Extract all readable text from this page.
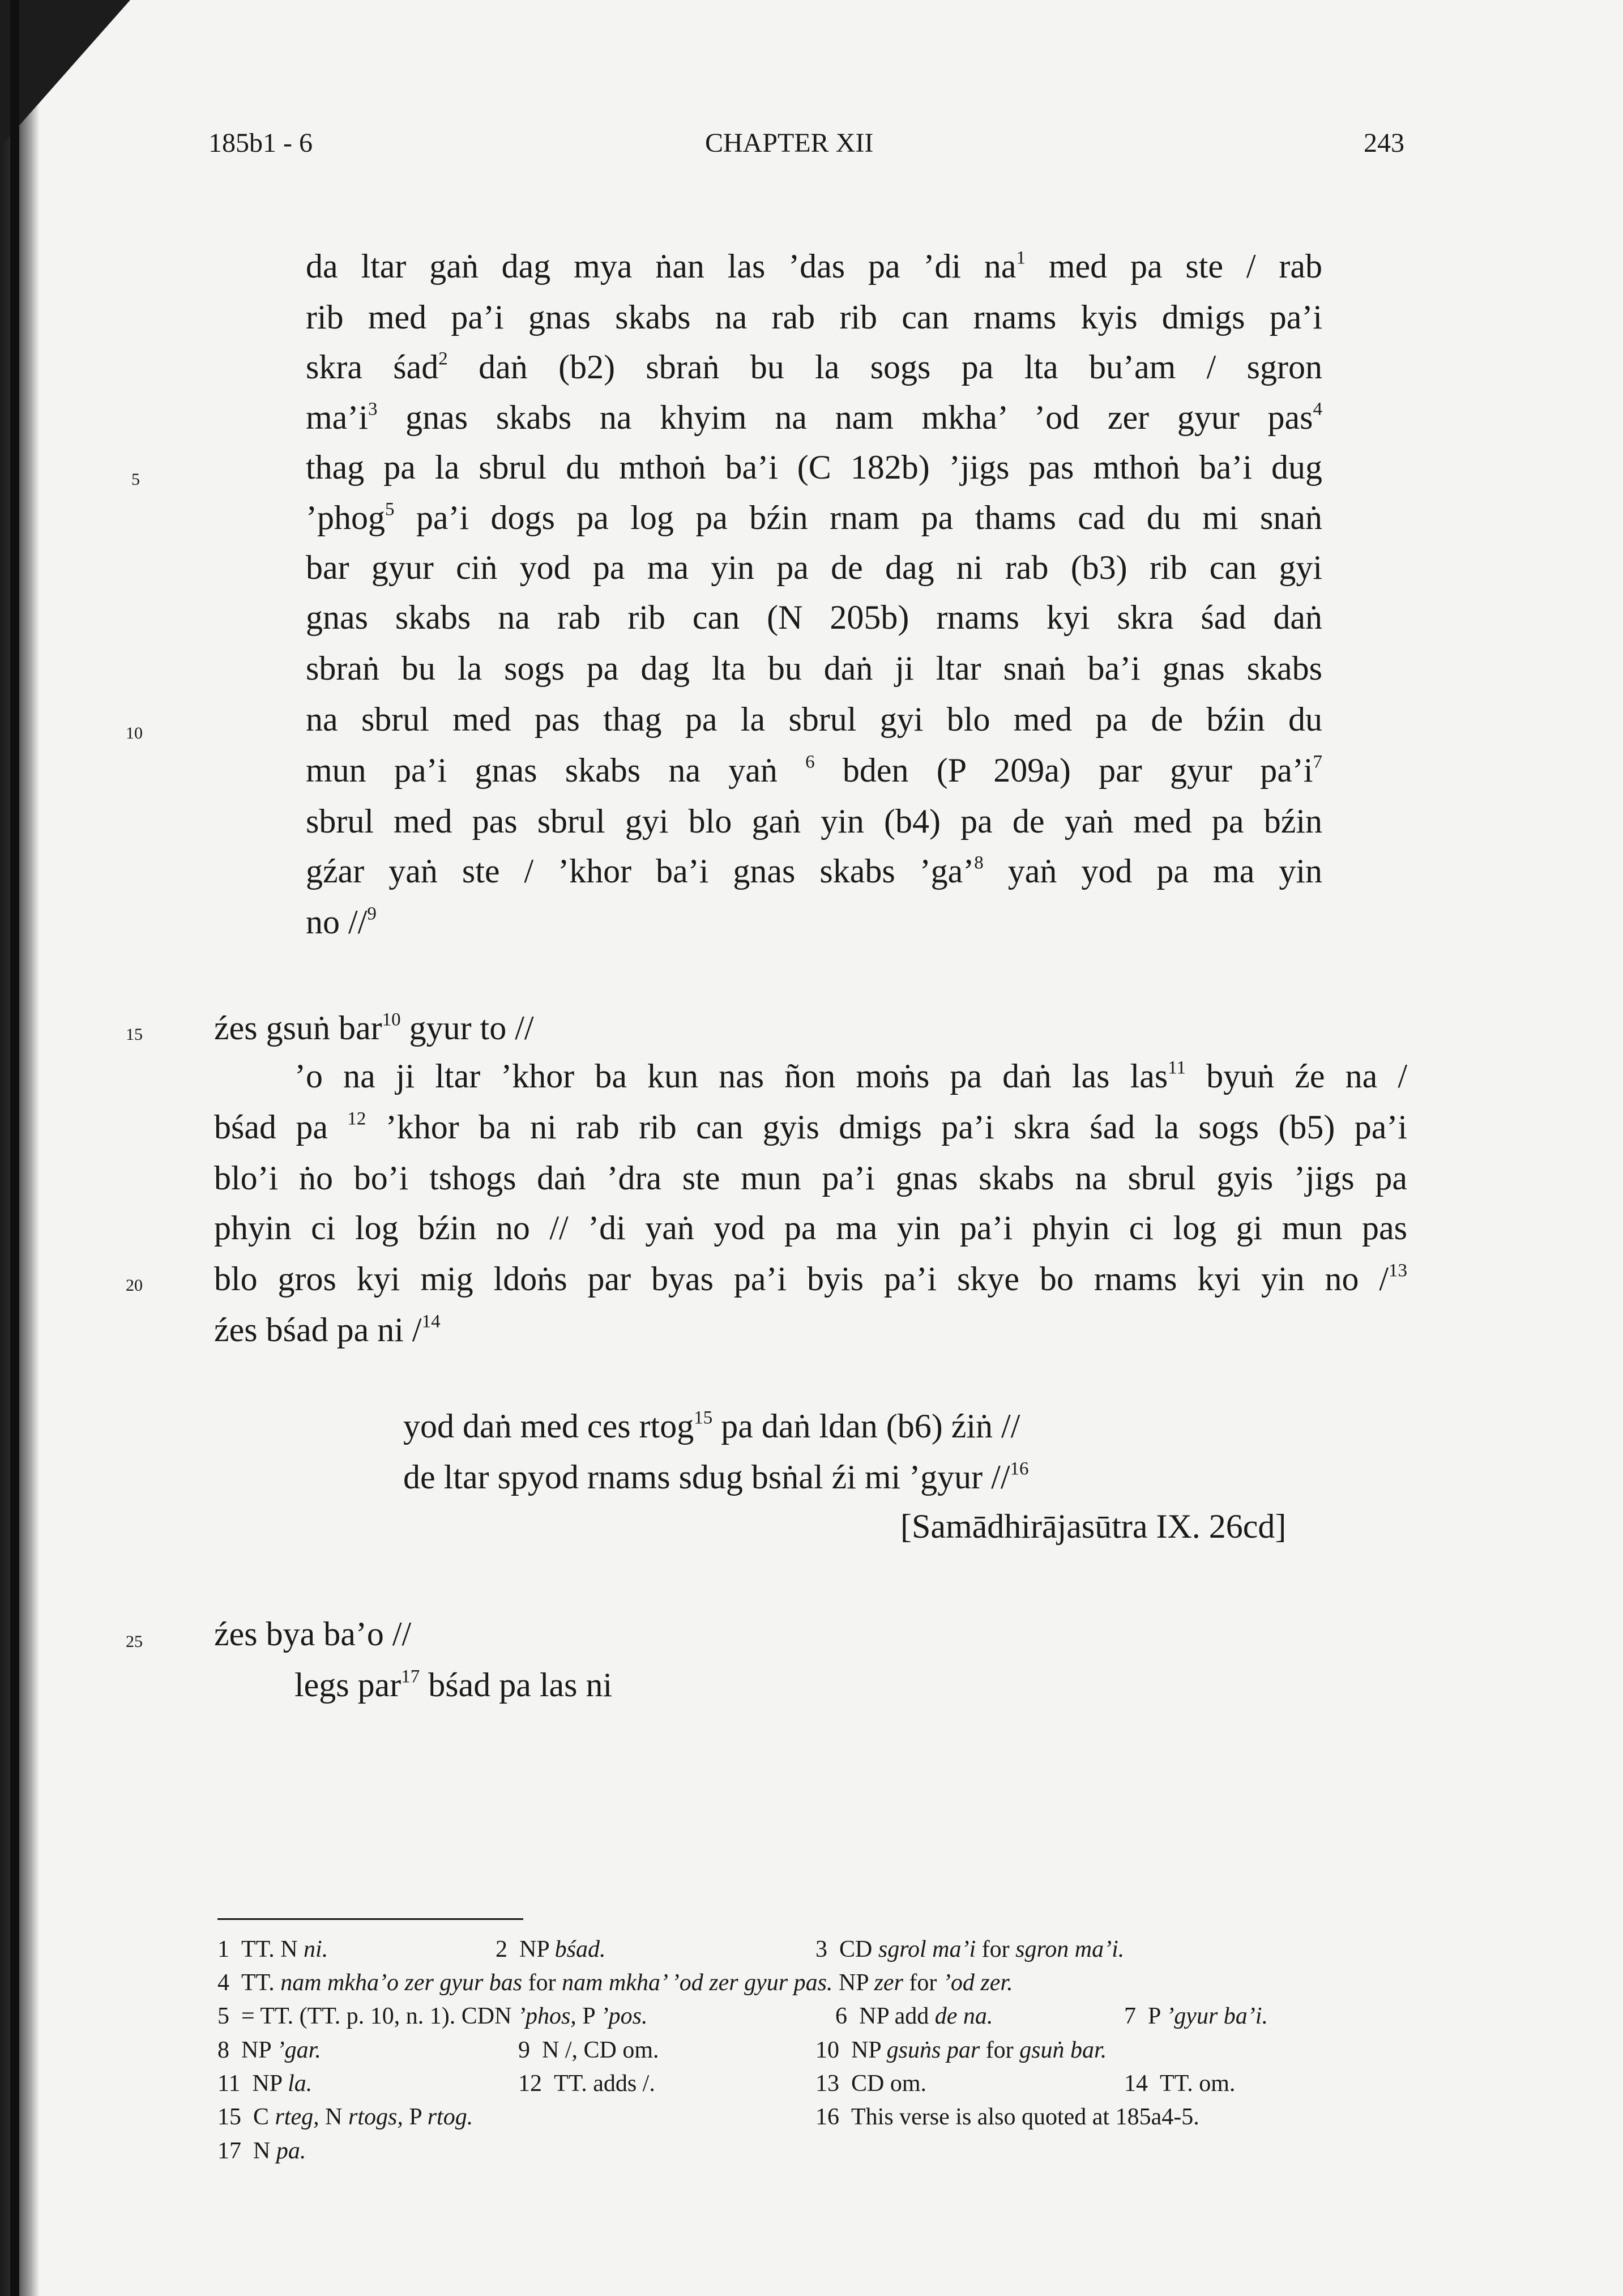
185b1 - 6	CHAPTER XII	243
5
10
15
20
25
da ltar gaṅ dag mya ṅan las ’das pa ’di $na^1$ med pa ste / rab
rib med pa’i gnas skabs na rab rib can rnams kyis dmigs pa’i
skra śad$^2$ daṅ (b2) sbraṅ bu la sogs pa lta bu’am / sgron
$ma’i^3$ gnas skabs na khyim na nam mkha’ ’od zer gyur pas$^4$
thag pa la sbrul du mthoṅ ba’i (C 182b) ’jigs pas mthoṅ ba’i dug
’phog$^5$ pa’i dogs pa log pa bźin rnam pa thams cad du mi snaṅ
bar gyur ciṅ yod pa ma yin pa de dag ni rab (b3) rib can gyi
gnas skabs na rab rib can (N 205b) rnams kyi skra śad daṅ
sbraṅ bu la sogs pa dag lta bu daṅ ji ltar snaṅ ba’i gnas skabs
na sbrul med pas thag pa la sbrul gyi blo med pa de bźin du
mun pa’i gnas skabs na yaṅ $^6$ bden (P 209a) par gyur $pa’i^7$
sbrul med pas sbrul gyi blo gaṅ yin (b4) pa de yaṅ med pa bźin
gźar yaṅ ste / ’khor ba’i gnas skabs ’ga’$^8$ yaṅ yod pa ma yin
no //$^9$
źes gsuṅ bar$^{10}$ gyur to //
’o na ji ltar ’khor ba kun nas ñon moṅs pa daṅ las las$^{11}$ byuṅ źe na /
bśad pa $^{12}$ ’khor ba ni rab rib can gyis dmigs pa’i skra śad la sogs (b5) pa’i
blo’i ṅo bo’i tshogs daṅ ’dra ste mun pa’i gnas skabs na sbrul gyis ’jigs pa
phyin ci log bźin no // ’di yaṅ yod pa ma yin pa’i phyin ci log gi mun pas
blo gros kyi mig ldoṅs par byas pa’i byis pa’i skye bo rnams kyi yin no /$^{13}$
źes bśad pa ni /$^{14}$
yod daṅ med ces rtog$^{15}$ pa daṅ ldan (b6) źiṅ //
de ltar spyod rnams sdug bsṅal źi mi ’gyur //$^{16}$
[Samādhirājasūtra IX. 26cd]
źes bya ba’o //
legs par$^{17}$ bśad pa las ni
1 TT. N ni.	2 NP bśad.	3 CD sgrol ma’i for sgron ma’i.
4 TT. nam mkha’o zer gyur bas for nam mkha’ ’od zer gyur pas. NP zer for ’od zer.
5 = TT. (TT. p. 10, n. 1). CDN ’phos, P ’pos.	6 NP add de na.	7 P ’gyur ba’i.
8 NP ’gar.	9 N /, CD om.	10 NP gsuṅs par for gsuṅ bar.
11 NP la.	12 TT. adds /.	13 CD om.	14 TT. om.
15 C rteg, N rtogs, P rtog.	16 This verse is also quoted at 185a4-5.
17 N pa.
